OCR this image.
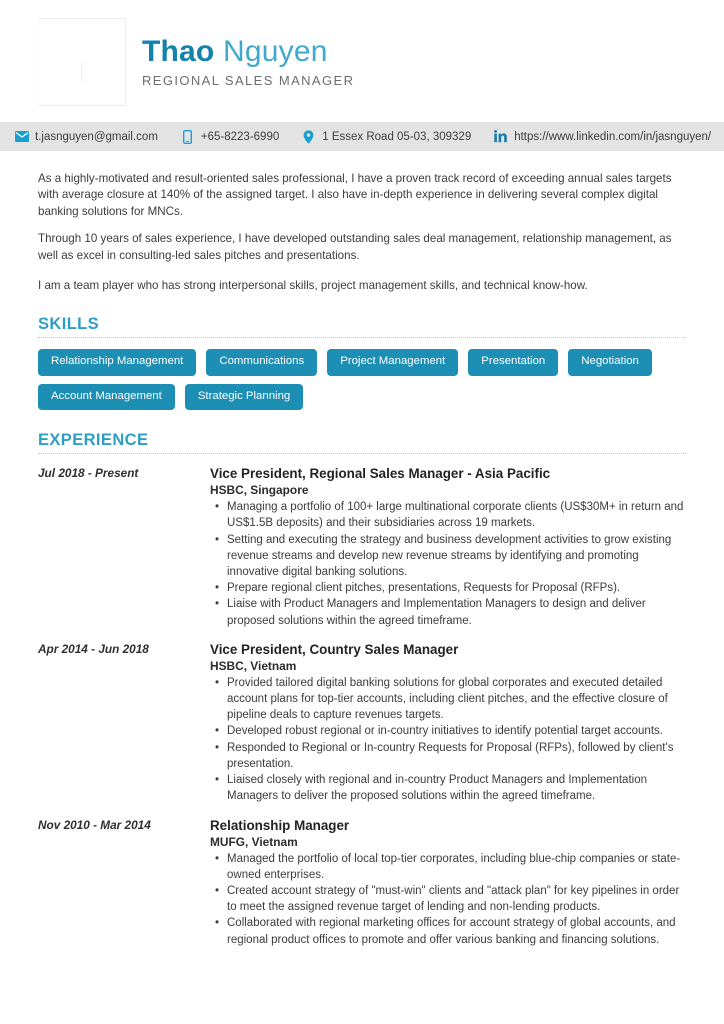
Thao Nguyen
REGIONAL SALES MANAGER
t.jasnguyen@gmail.com	+65-8223-6990	1 Essex Road 05-03, 309329	https://www.linkedin.com/in/jasnguyen/

As a highly-motivated and result-oriented sales professional, I have a proven track record of exceeding annual sales targets with average closure at 140% of the assigned target. I also have in-depth experience in delivering several complex digital banking solutions for MNCs.

Through 10 years of sales experience, I have developed outstanding sales deal management, relationship management, as well as excel in consulting-led sales pitches and presentations.

I am a team player who has strong interpersonal skills, project management skills, and technical know-how.

SKILLS
Relationship Management	Communications	Project Management	Presentation	Negotiation
Account Management	Strategic Planning
EXPERIENCE
Jul 2018 - Present	Vice President, Regional Sales Manager - Asia Pacific
HSBC, Singapore
• Managing a portfolio of 100+ large multinational corporate clients (US$30M+ in return and US$1.5B deposits) and their subsidiaries across 19 markets.
• Setting and executing the strategy and business development activities to grow existing revenue streams and develop new revenue streams by identifying and promoting innovative digital banking solutions.
• Prepare regional client pitches, presentations, Requests for Proposal (RFPs).
• Liaise with Product Managers and Implementation Managers to design and deliver proposed solutions within the agreed timeframe.
Apr 2014 - Jun 2018	Vice President, Country Sales Manager
HSBC, Vietnam
• Provided tailored digital banking solutions for global corporates and executed detailed account plans for top-tier accounts, including client pitches, and the effective closure of pipeline deals to capture revenues targets.
• Developed robust regional or in-country initiatives to identify potential target accounts.
• Responded to Regional or In-country Requests for Proposal (RFPs), followed by client's presentation.
• Liaised closely with regional and in-country Product Managers and Implementation Managers to deliver the proposed solutions within the agreed timeframe.
Nov 2010 - Mar 2014	Relationship Manager
MUFG, Vietnam
• Managed the portfolio of local top-tier corporates, including blue-chip companies or state-owned enterprises.
• Created account strategy of "must-win" clients and "attack plan" for key pipelines in order to meet the assigned revenue target of lending and non-lending products.
• Collaborated with regional marketing offices for account strategy of global accounts, and regional product offices to promote and offer various banking and financing solutions.
